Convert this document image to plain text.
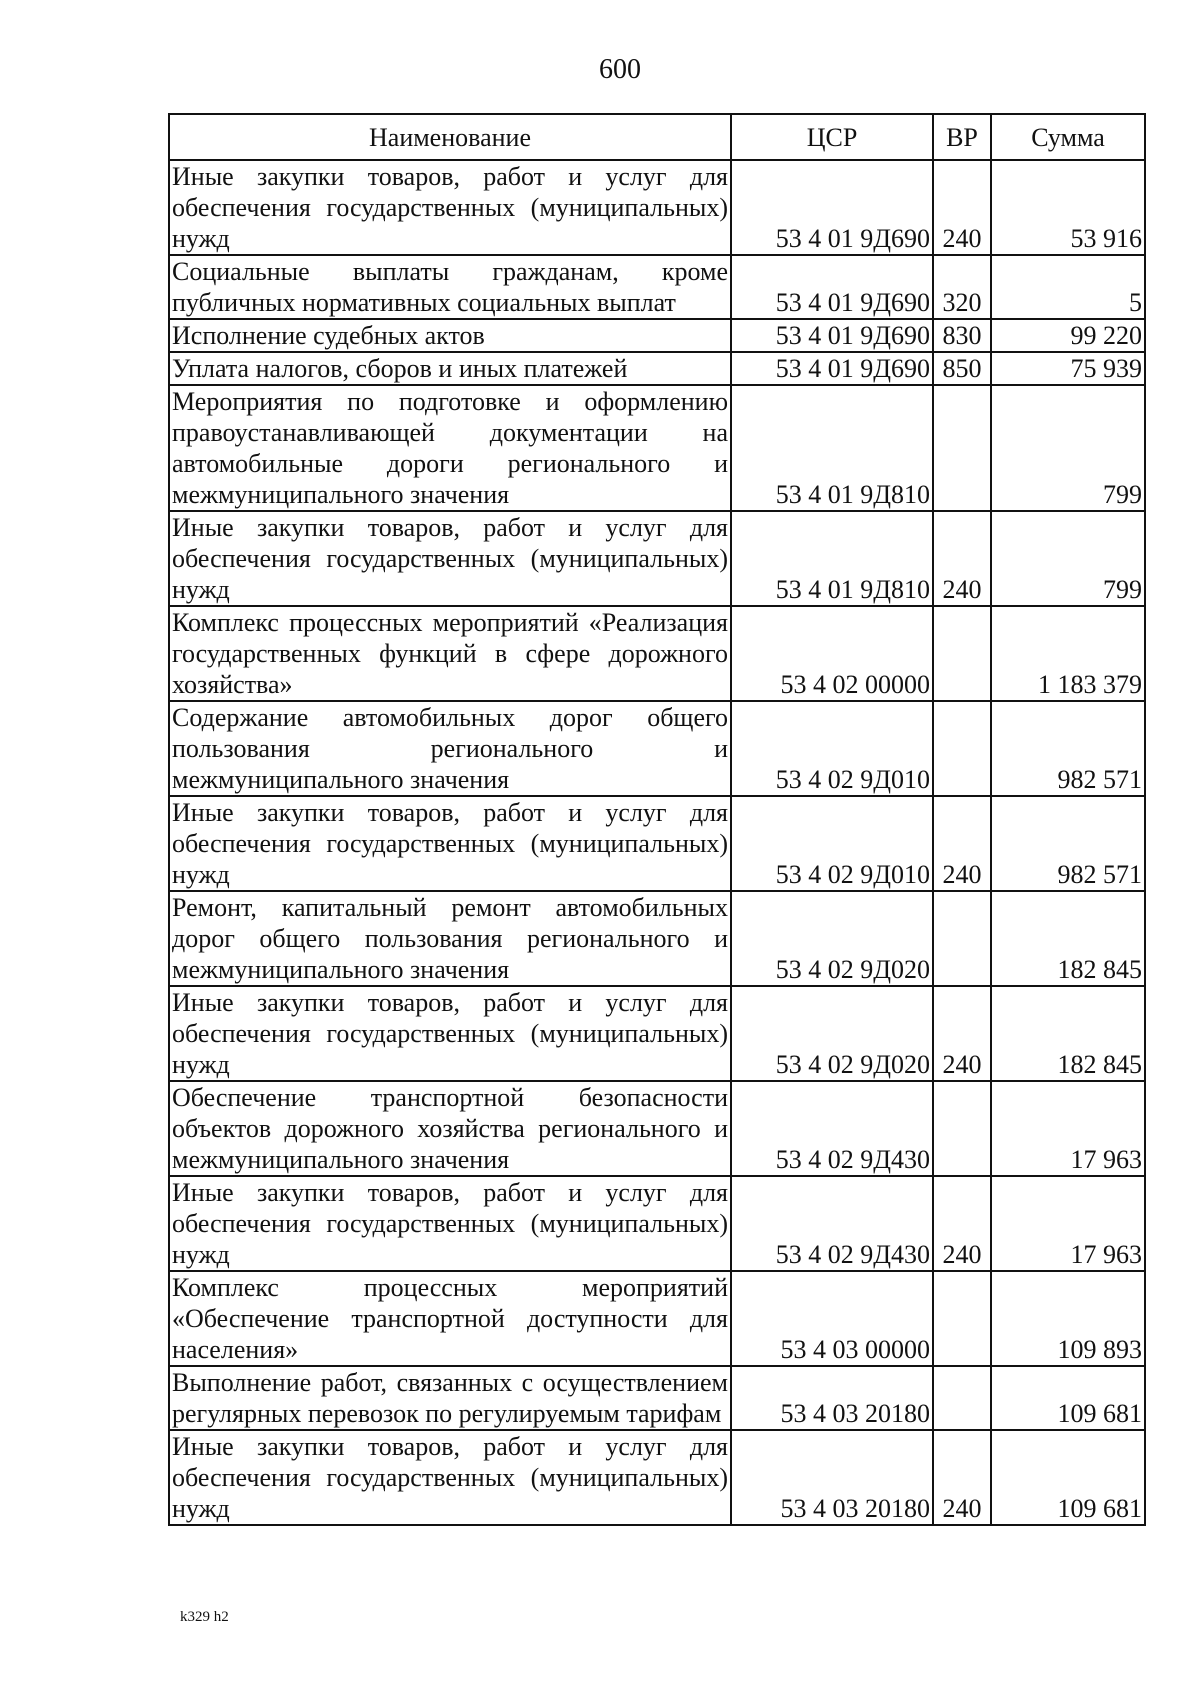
600
Наименование	ЦСР	ВР	Сумма
Иные закупки товаров, работ и услуг для обеспечения государственных (муниципальных) нужд	53 4 01 9Д690	240	53 916
Социальные выплаты гражданам, кроме публичных нормативных социальных выплат	53 4 01 9Д690	320	5
Исполнение судебных актов	53 4 01 9Д690	830	99 220
Уплата налогов, сборов и иных платежей	53 4 01 9Д690	850	75 939
Мероприятия по подготовке и оформлению правоустанавливающей документации на автомобильные дороги регионального и межмуниципального значения	53 4 01 9Д810		799
Иные закупки товаров, работ и услуг для обеспечения государственных (муниципальных) нужд	53 4 01 9Д810	240	799
Комплекс процессных мероприятий «Реализация государственных функций в сфере дорожного хозяйства»	53 4 02 00000		1 183 379
Содержание автомобильных дорог общего пользования регионального и межмуниципального значения	53 4 02 9Д010		982 571
Иные закупки товаров, работ и услуг для обеспечения государственных (муниципальных) нужд	53 4 02 9Д010	240	982 571
Ремонт, капитальный ремонт автомобильных дорог общего пользования регионального и межмуниципального значения	53 4 02 9Д020		182 845
Иные закупки товаров, работ и услуг для обеспечения государственных (муниципальных) нужд	53 4 02 9Д020	240	182 845
Обеспечение транспортной безопасности объектов дорожного хозяйства регионального и межмуниципального значения	53 4 02 9Д430		17 963
Иные закупки товаров, работ и услуг для обеспечения государственных (муниципальных) нужд	53 4 02 9Д430	240	17 963
Комплекс процессных мероприятий «Обеспечение транспортной доступности для населения»	53 4 03 00000		109 893
Выполнение работ, связанных с осуществлением регулярных перевозок по регулируемым тарифам	53 4 03 20180		109 681
Иные закупки товаров, работ и услуг для обеспечения государственных (муниципальных) нужд	53 4 03 20180	240	109 681
k329 h2
